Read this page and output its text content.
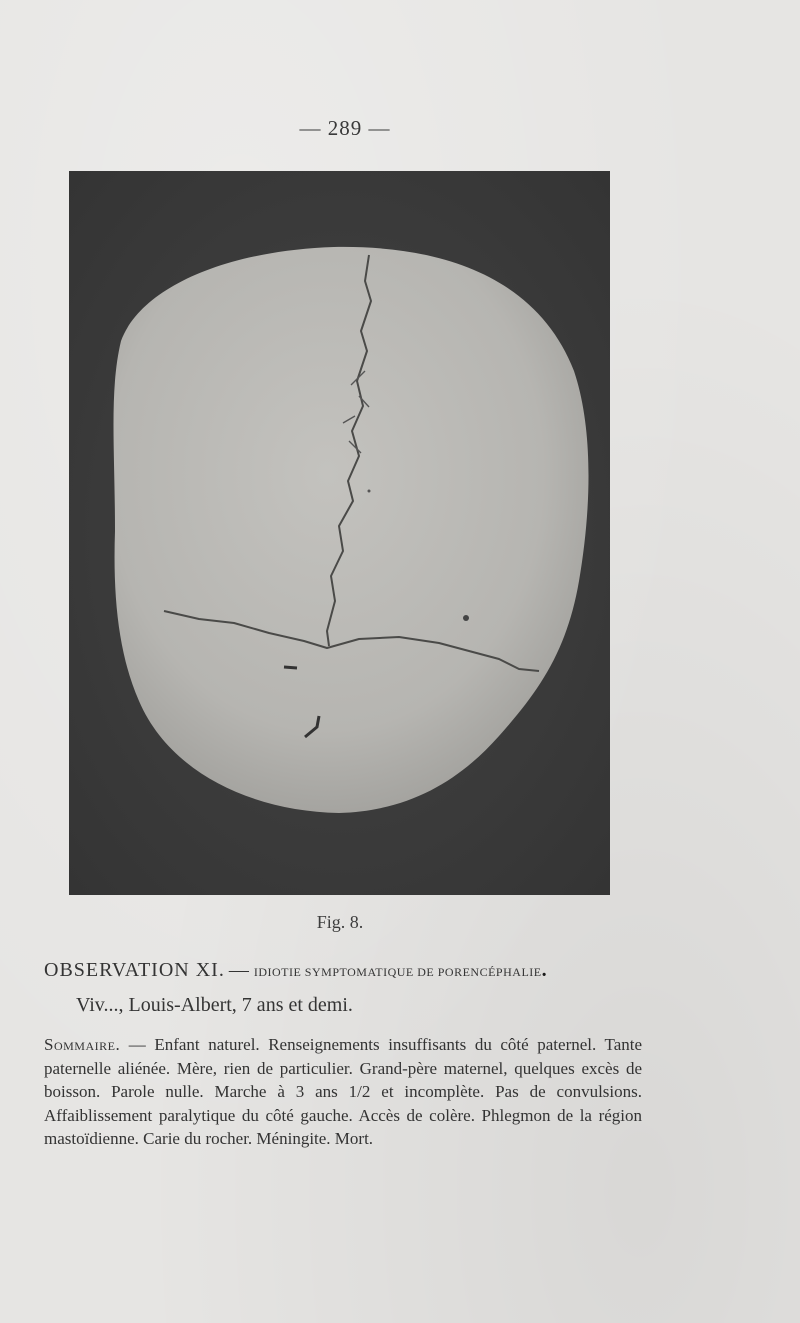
— 289 —
Fig. 8.
OBSERVATION XI. — IDIOTIE SYMPTOMATIQUE DE PORENCÉPHALIE.
Viv..., Louis-Albert, 7 ans et demi.
Sommaire. — Enfant naturel. Renseignements insuffisants du côté paternel. Tante paternelle aliénée. Mère, rien de particulier. Grand-père maternel, quelques excès de boisson. Parole nulle. Marche à 3 ans 1/2 et incomplète. Pas de convulsions. Affaiblissement paralytique du côté gauche. Accès de colère. Phlegmon de la région mastoïdienne. Carie du rocher. Méningite. Mort.
